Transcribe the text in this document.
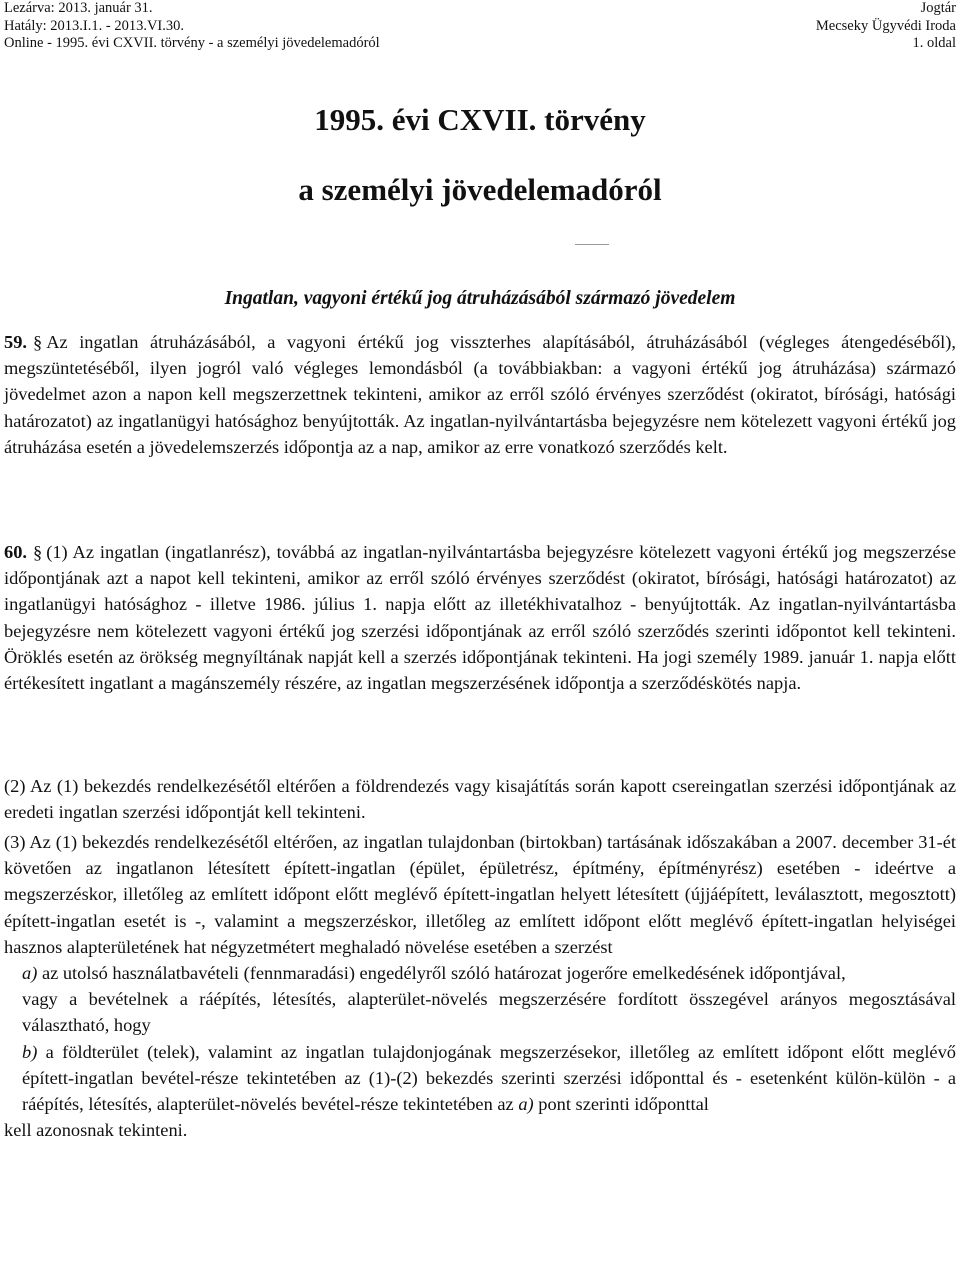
Lezárva: 2013. január 31.
Hatály: 2013.I.1. - 2013.VI.30.
Online - 1995. évi CXVII. törvény - a személyi jövedelemadóról
Jogtár
Mecseky Ügyvédi Iroda
1. oldal
1995. évi CXVII. törvény
a személyi jövedelemadóról
Ingatlan, vagyoni értékű jog átruházásából származó jövedelem

59. § Az ingatlan átruházásából, a vagyoni értékű jog visszterhes alapításából, átruházásából (végleges átengedéséből), megszüntetéséből, ilyen jogról való végleges lemondásból (a továbbiakban: a vagyoni értékű jog átruházása) származó jövedelmet azon a napon kell megszerzettnek tekinteni, amikor az erről szóló érvényes szerződést (okiratot, bírósági, hatósági határozatot) az ingatlanügyi hatósághoz benyújtották. Az ingatlan-nyilvántartásba bejegyzésre nem kötelezett vagyoni értékű jog átruházása esetén a jövedelemszerzés időpontja az a nap, amikor az erre vonatkozó szerződés kelt.

60. § (1) Az ingatlan (ingatlanrész), továbbá az ingatlan-nyilvántartásba bejegyzésre kötelezett vagyoni értékű jog megszerzése időpontjának azt a napot kell tekinteni, amikor az erről szóló érvényes szerződést (okiratot, bírósági, hatósági határozatot) az ingatlanügyi hatósághoz - illetve 1986. július 1. napja előtt az illetékhivatalhoz - benyújtották. Az ingatlan-nyilvántartásba bejegyzésre nem kötelezett vagyoni értékű jog szerzési időpontjának az erről szóló szerződés szerinti időpontot kell tekinteni. Öröklés esetén az örökség megnyíltának napját kell a szerzés időpontjának tekinteni. Ha jogi személy 1989. január 1. napja előtt értékesített ingatlant a magánszemély részére, az ingatlan megszerzésének időpontja a szerződéskötés napja.

(2) Az (1) bekezdés rendelkezésétől eltérően a földrendezés vagy kisajátítás során kapott csereingatlan szerzési időpontjának az eredeti ingatlan szerzési időpontját kell tekinteni.

(3) Az (1) bekezdés rendelkezésétől eltérően, az ingatlan tulajdonban (birtokban) tartásának időszakában a 2007. december 31-ét követően az ingatlanon létesített épített-ingatlan (épület, épületrész, építmény, építményrész) esetében - ideértve a megszerzéskor, illetőleg az említett időpont előtt meglévő épített-ingatlan helyett létesített (újjáépített, leválasztott, megosztott) épített-ingatlan esetét is -, valamint a megszerzéskor, illetőleg az említett időpont előtt meglévő épített-ingatlan helyiségei hasznos alapterületének hat négyzetmétert meghaladó növelése esetében a szerzést
a) az utolsó használatbavételi (fennmaradási) engedélyről szóló határozat jogerőre emelkedésének időpontjával,
vagy a bevételnek a ráépítés, létesítés, alapterület-növelés megszerzésére fordított összegével arányos megosztásával választható, hogy
b) a földterület (telek), valamint az ingatlan tulajdonjogának megszerzésekor, illetőleg az említett időpont előtt meglévő épített-ingatlan bevétel-része tekintetében az (1)-(2) bekezdés szerinti szerzési időponttal és - esetenként külön-külön - a ráépítés, létesítés, alapterület-növelés bevétel-része tekintetében az a) pont szerinti időponttal
kell azonosnak tekinteni.
